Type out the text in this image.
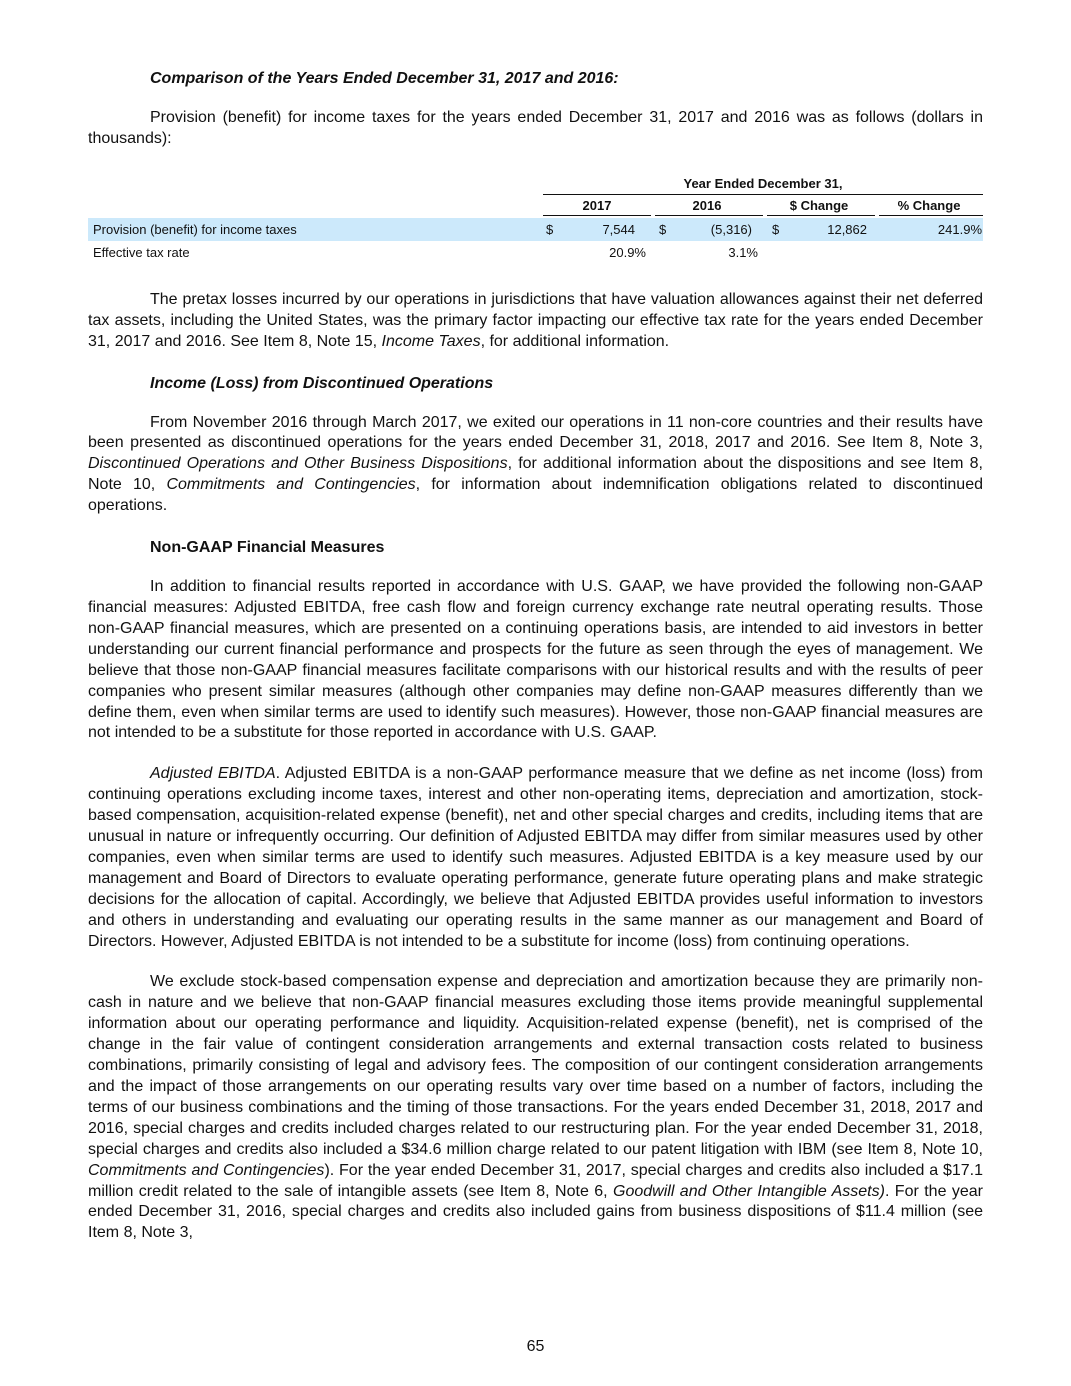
Comparison of the Years Ended December 31, 2017 and 2016:

Provision (benefit) for income taxes for the years ended December 31, 2017 and 2016 was as follows (dollars in thousands):

Year Ended December 31,
2017	2016	$ Change	% Change
Provision (benefit) for income taxes	$	7,544 $	(5,316) $	12,862	241.9%
Effective tax rate	20.9%	3.1%

The pretax losses incurred by our operations in jurisdictions that have valuation allowances against their net deferred tax assets, including the United States, was the primary factor impacting our effective tax rate for the years ended December 31, 2017 and 2016. See Item 8, Note 15, Income Taxes, for additional information.

Income (Loss) from Discontinued Operations

From November 2016 through March 2017, we exited our operations in 11 non-core countries and their results have been presented as discontinued operations for the years ended December 31, 2018, 2017 and 2016. See Item 8, Note 3, Discontinued Operations and Other Business Dispositions, for additional information about the dispositions and see Item 8, Note 10, Commitments and Contingencies, for information about indemnification obligations related to discontinued operations.

Non-GAAP Financial Measures

In addition to financial results reported in accordance with U.S. GAAP, we have provided the following non-GAAP financial measures: Adjusted EBITDA, free cash flow and foreign currency exchange rate neutral operating results. Those non-GAAP financial measures, which are presented on a continuing operations basis, are intended to aid investors in better understanding our current financial performance and prospects for the future as seen through the eyes of management. We believe that those non-GAAP financial measures facilitate comparisons with our historical results and with the results of peer companies who present similar measures (although other companies may define non-GAAP measures differently than we define them, even when similar terms are used to identify such measures). However, those non-GAAP financial measures are not intended to be a substitute for those reported in accordance with U.S. GAAP.

Adjusted EBITDA. Adjusted EBITDA is a non-GAAP performance measure that we define as net income (loss) from continuing operations excluding income taxes, interest and other non-operating items, depreciation and amortization, stock-based compensation, acquisition-related expense (benefit), net and other special charges and credits, including items that are unusual in nature or infrequently occurring. Our definition of Adjusted EBITDA may differ from similar measures used by other companies, even when similar terms are used to identify such measures. Adjusted EBITDA is a key measure used by our management and Board of Directors to evaluate operating performance, generate future operating plans and make strategic decisions for the allocation of capital. Accordingly, we believe that Adjusted EBITDA provides useful information to investors and others in understanding and evaluating our operating results in the same manner as our management and Board of Directors. However, Adjusted EBITDA is not intended to be a substitute for income (loss) from continuing operations.

We exclude stock-based compensation expense and depreciation and amortization because they are primarily non-cash in nature and we believe that non-GAAP financial measures excluding those items provide meaningful supplemental information about our operating performance and liquidity. Acquisition-related expense (benefit), net is comprised of the change in the fair value of contingent consideration arrangements and external transaction costs related to business combinations, primarily consisting of legal and advisory fees. The composition of our contingent consideration arrangements and the impact of those arrangements on our operating results vary over time based on a number of factors, including the terms of our business combinations and the timing of those transactions. For the years ended December 31, 2018, 2017 and 2016, special charges and credits included charges related to our restructuring plan. For the year ended December 31, 2018, special charges and credits also included a $34.6 million charge related to our patent litigation with IBM (see Item 8, Note 10, Commitments and Contingencies). For the year ended December 31, 2017, special charges and credits also included a $17.1 million credit related to the sale of intangible assets (see Item 8, Note 6, Goodwill and Other Intangible Assets). For the year ended December 31, 2016, special charges and credits also included gains from business dispositions of $11.4 million (see Item 8, Note 3,

65
